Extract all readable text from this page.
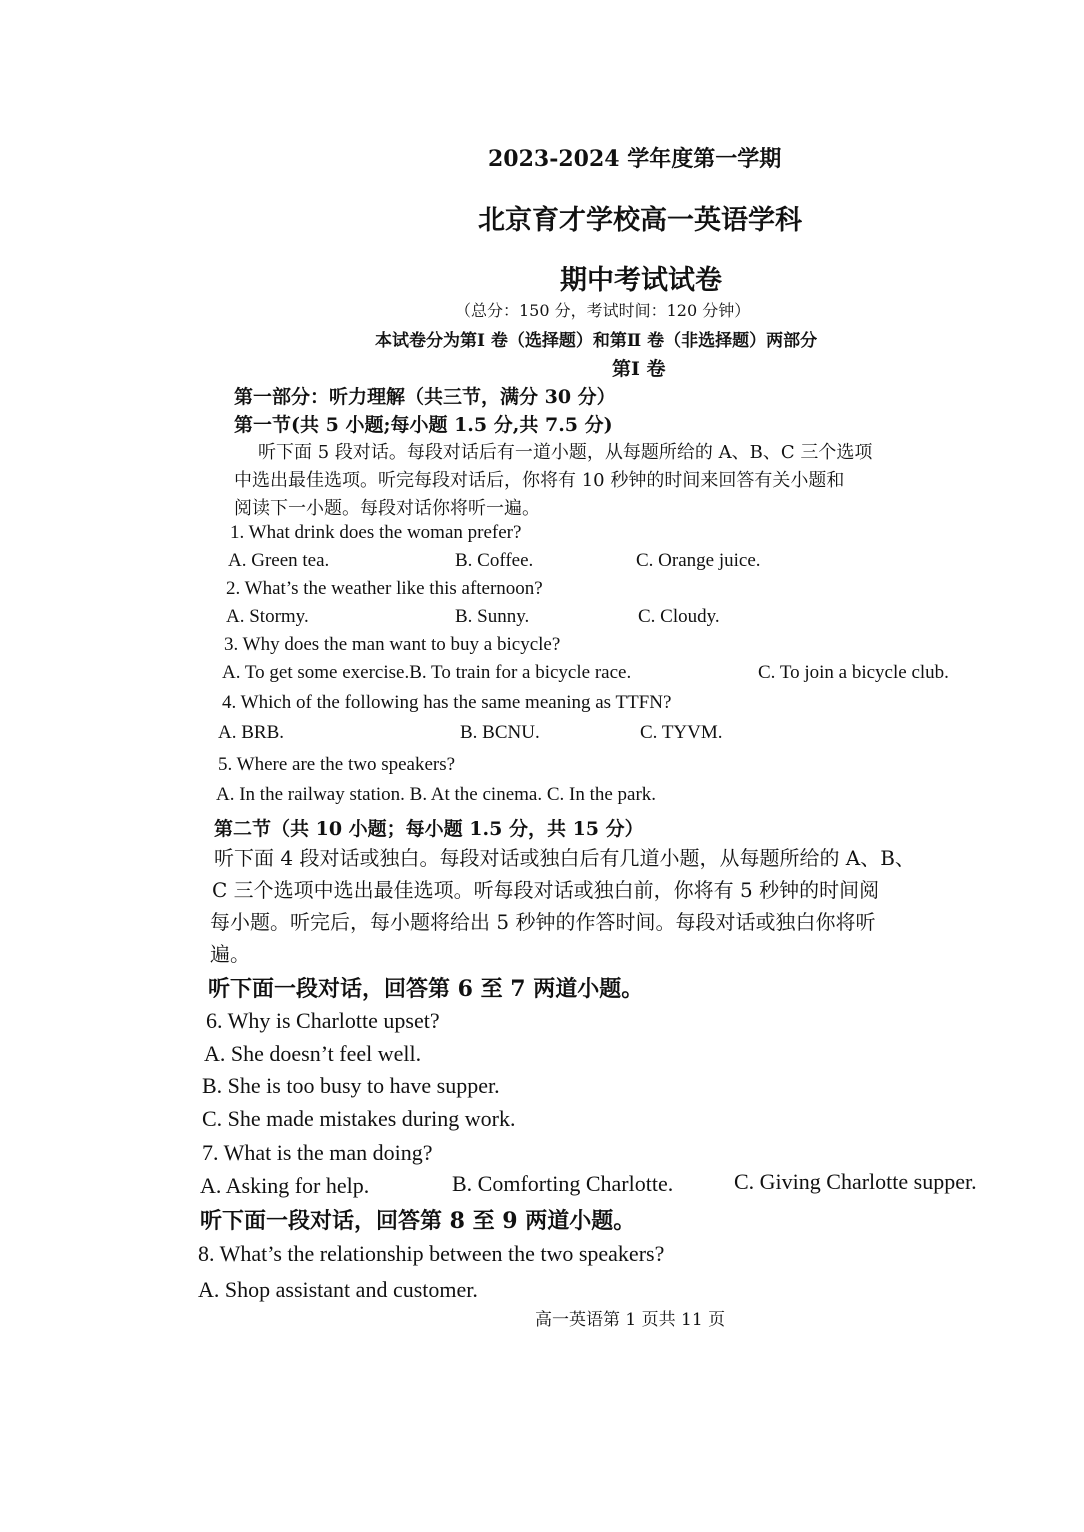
2023-2024 学年度第一学期
北京育才学校高一英语学科
期中考试试卷
（总分：150 分，考试时间：120 分钟）
本试卷分为第Ⅰ 卷（选择题）和第Ⅱ 卷（非选择题）两部分
第Ⅰ 卷
第一部分：听力理解（共三节，满分 30 分）
第一节(共 5 小题;每小题 1.5 分,共 7.5 分)
听下面 5 段对话。每段对话后有一道小题，从每题所给的 A、B、C 三个选项
中选出最佳选项。听完每段对话后，你将有 10 秒钟的时间来回答有关小题和
阅读下一小题。每段对话你将听一遍。
1. What drink does the woman prefer?
A. Green tea.	B. Coffee.	C. Orange juice.
2. What’s the weather like this afternoon?
A. Stormy.	B. Sunny.	C. Cloudy.
3. Why does the man want to buy a bicycle?
A. To get some exercise.B. To train for a bicycle race.	C. To join a bicycle club.
4. Which of the following has the same meaning as TTFN?
A. BRB.	B. BCNU.	C. TYVM.
5. Where are the two speakers?
A. In the railway station. B. At the cinema. C. In the park.
第二节（共 10 小题；每小题 1.5 分，共 15 分）
听下面 4 段对话或独白。每段对话或独白后有几道小题，从每题所给的 A、B、
C 三个选项中选出最佳选项。听每段对话或独白前，你将有 5 秒钟的时间阅
每小题。听完后，每小题将给出 5 秒钟的作答时间。每段对话或独白你将听
遍。
听下面一段对话，回答第 6 至 7 两道小题。
6. Why is Charlotte upset?
A. She doesn’t feel well.
B. She is too busy to have supper.
C. She made mistakes during work.
7. What is the man doing?
A. Asking for help.	B. Comforting Charlotte.	C. Giving Charlotte supper.
听下面一段对话，回答第 8 至 9 两道小题。
8. What’s the relationship between the two speakers?
A. Shop assistant and customer.
高一英语第 1 页共 11 页
